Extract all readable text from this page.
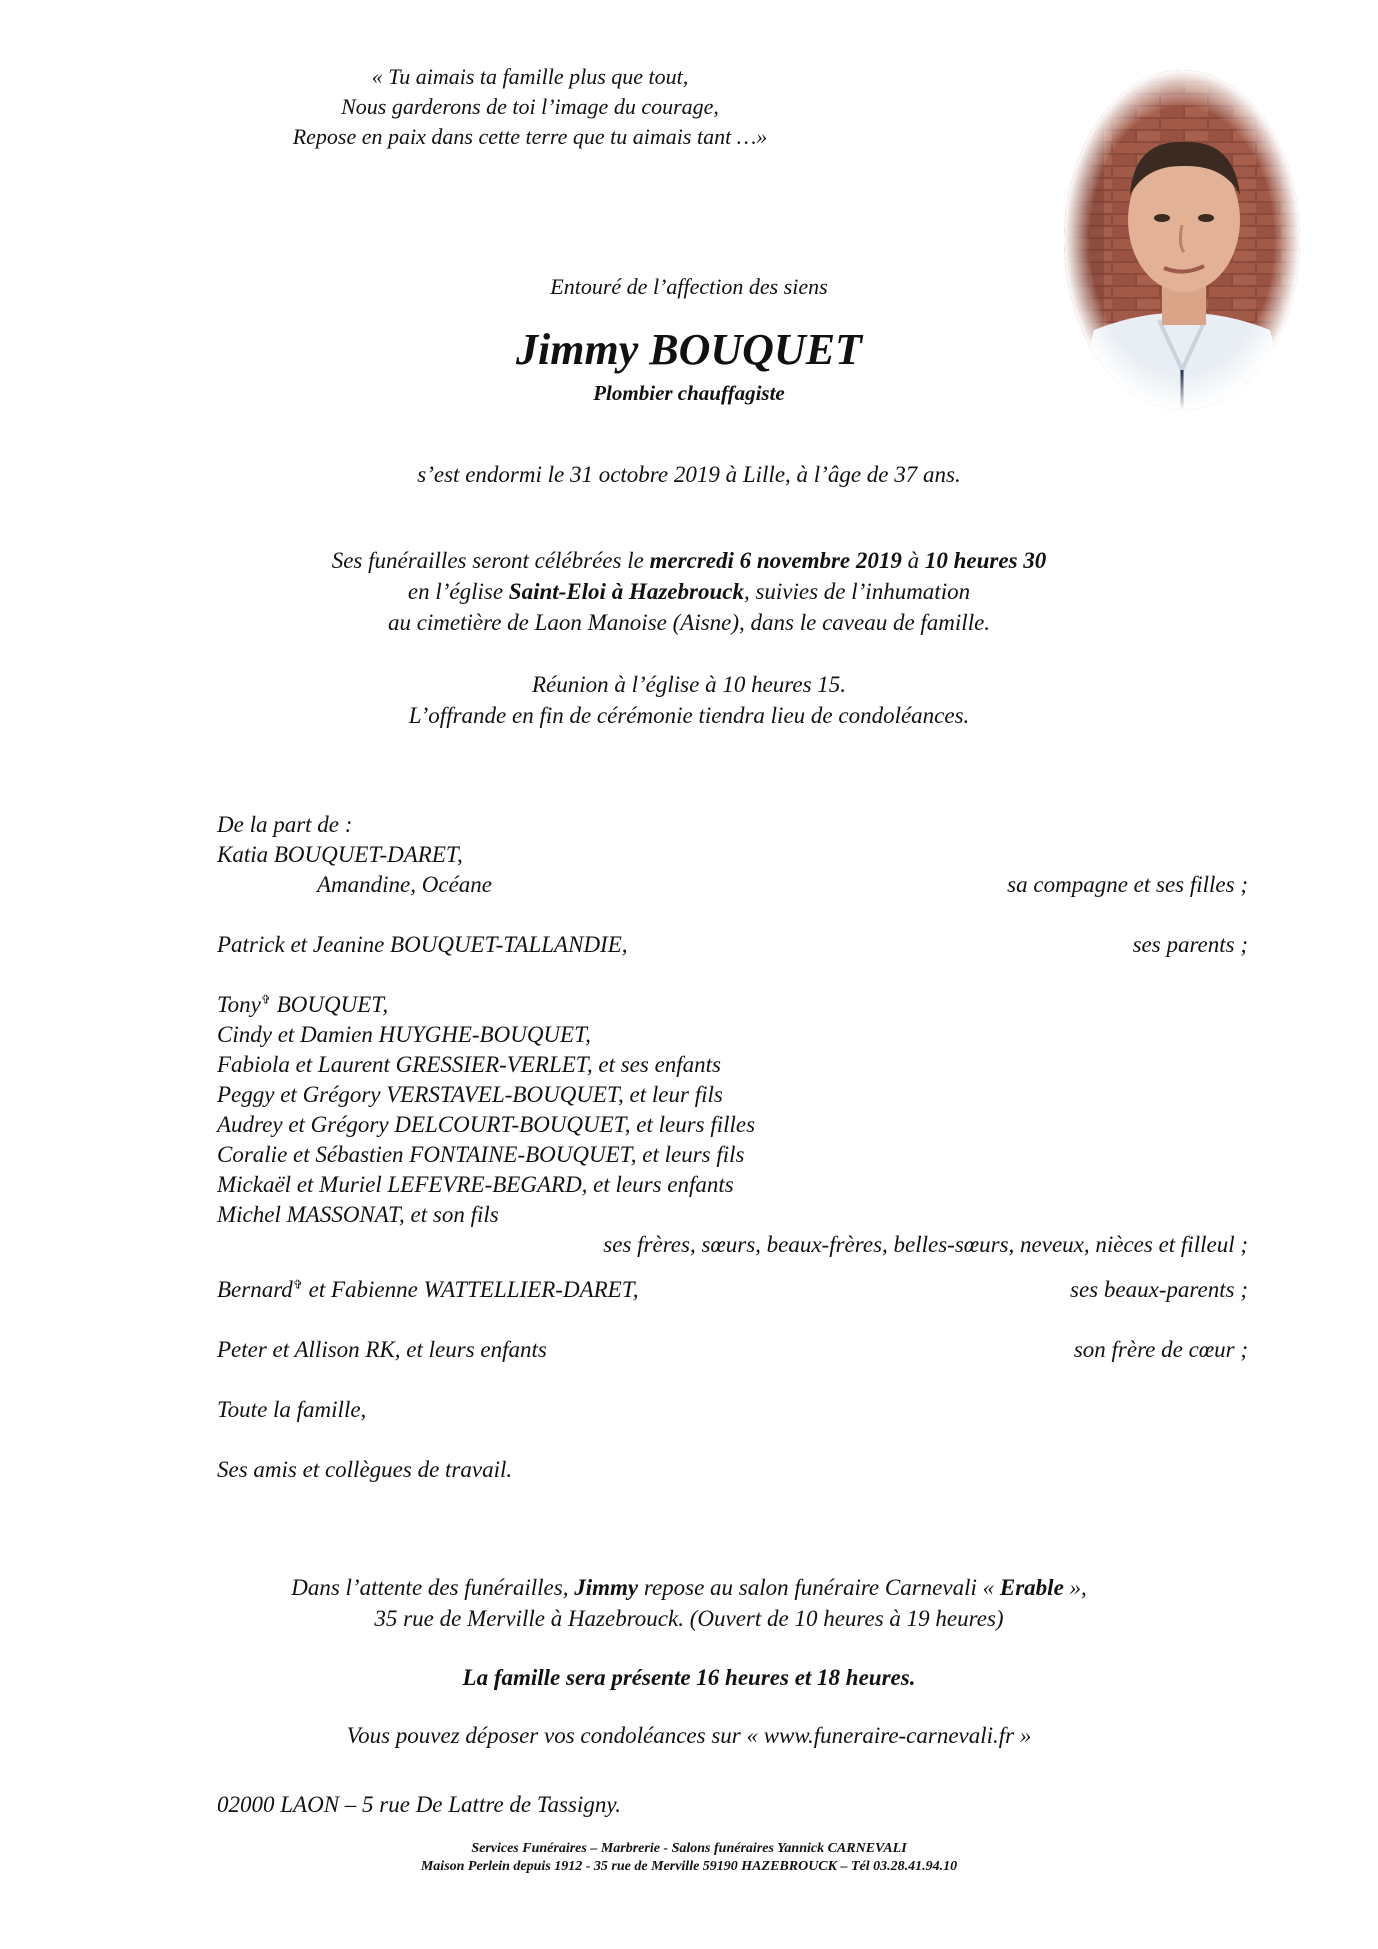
« Tu aimais ta famille plus que tout,
Nous garderons de toi l’image du courage,
Repose en paix dans cette terre que tu aimais tant …»
Entouré de l’affection des siens
Jimmy BOUQUET
Plombier chauffagiste
s’est endormi le 31 octobre 2019 à Lille, à l’âge de 37 ans.
Ses funérailles seront célébrées le mercredi 6 novembre 2019 à 10 heures 30
en l’église Saint-Eloi à Hazebrouck, suivies de l’inhumation
au cimetière de Laon Manoise (Aisne), dans le caveau de famille.
Réunion à l’église à 10 heures 15.
L’offrande en fin de cérémonie tiendra lieu de condoléances.
De la part de :
Katia BOUQUET-DARET,
Amandine, Océane	sa compagne et ses filles ;
Patrick et Jeanine BOUQUET-TALLANDIE,	ses parents ;
Tony✞ BOUQUET,
Cindy et Damien HUYGHE-BOUQUET,
Fabiola et Laurent GRESSIER-VERLET, et ses enfants
Peggy et Grégory VERSTAVEL-BOUQUET, et leur fils
Audrey et Grégory DELCOURT-BOUQUET, et leurs filles
Coralie et Sébastien FONTAINE-BOUQUET, et leurs fils
Mickaël et Muriel LEFEVRE-BEGARD, et leurs enfants
Michel MASSONAT, et son fils
ses frères, sœurs, beaux-frères, belles-sœurs, neveux, nièces et filleul ;
Bernard✞ et Fabienne WATTELLIER-DARET,	ses beaux-parents ;
Peter et Allison RK, et leurs enfants	son frère de cœur ;
Toute la famille,
Ses amis et collègues de travail.
Dans l’attente des funérailles, Jimmy repose au salon funéraire Carnevali « Erable »,
35 rue de Merville à Hazebrouck. (Ouvert de 10 heures à 19 heures)
La famille sera présente 16 heures et 18 heures.
Vous pouvez déposer vos condoléances sur « www.funeraire-carnevali.fr »
02000 LAON – 5 rue De Lattre de Tassigny.
Services Funéraires – Marbrerie - Salons funéraires Yannick CARNEVALI
Maison Perlein depuis 1912 - 35 rue de Merville 59190 HAZEBROUCK – Tél 03.28.41.94.10
